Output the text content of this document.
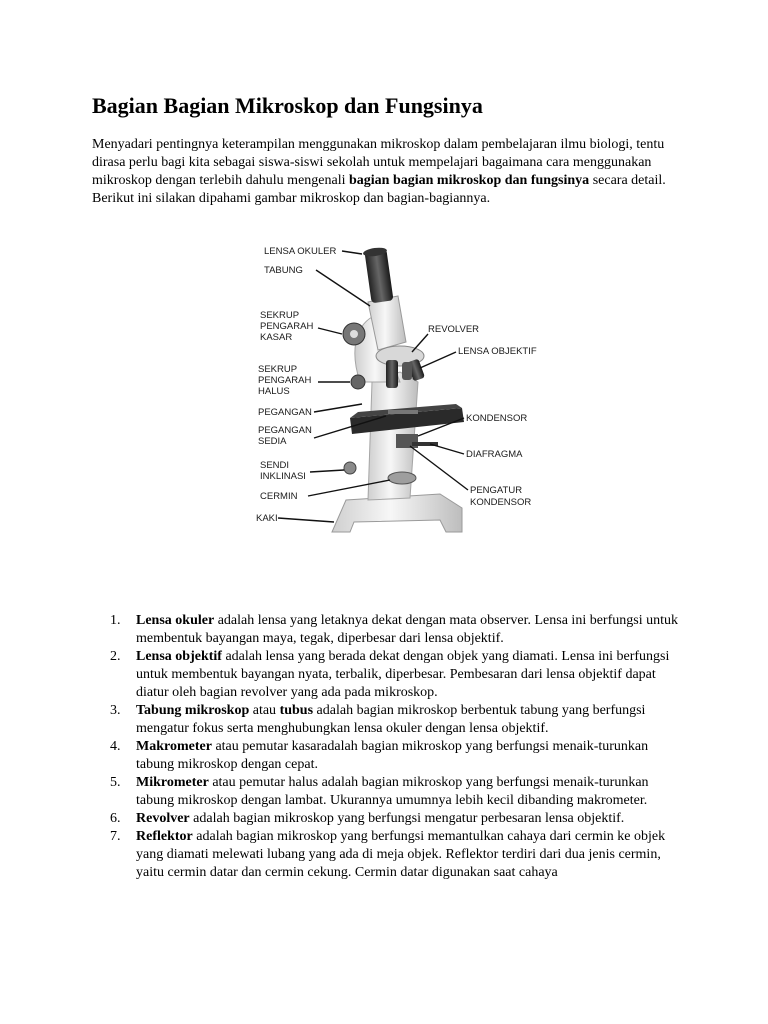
Bagian Bagian Mikroskop dan Fungsinya

Menyadari pentingnya keterampilan menggunakan mikroskop dalam pembelajaran ilmu biologi, tentu dirasa perlu bagi kita sebagai siswa-siswi sekolah untuk mempelajari bagaimana cara menggunakan mikroskop dengan terlebih dahulu mengenali bagian bagian mikroskop dan fungsinya secara detail. Berikut ini silakan dipahami gambar mikroskop dan bagian-bagiannya.

LENSA OKULER
TABUNG
SEKRUP
PENGARAH
KASAR
SEKRUP
PENGARAH
HALUS
PEGANGAN
PEGANGAN
SEDIA
SENDI
INKLINASI
CERMIN
KAKI
REVOLVER
LENSA OBJEKTIF
KONDENSOR
DIAFRAGMA
PENGATUR
KONDENSOR
1. Lensa okuler adalah lensa yang letaknya dekat dengan mata observer. Lensa ini berfungsi untuk membentuk bayangan maya, tegak, diperbesar dari lensa objektif.
2. Lensa objektif adalah lensa yang berada dekat dengan objek yang diamati. Lensa ini berfungsi untuk membentuk bayangan nyata, terbalik, diperbesar. Pembesaran dari lensa objektif dapat diatur oleh bagian revolver yang ada pada mikroskop.
3. Tabung mikroskop atau tubus adalah bagian mikroskop berbentuk tabung yang berfungsi mengatur fokus serta menghubungkan lensa okuler dengan lensa objektif.
4. Makrometer atau pemutar kasaradalah bagian mikroskop yang berfungsi menaik-turunkan tabung mikroskop dengan cepat.
5. Mikrometer atau pemutar halus adalah bagian mikroskop yang berfungsi menaik-turunkan tabung mikroskop dengan lambat. Ukurannya umumnya lebih kecil dibanding makrometer.
6. Revolver adalah bagian mikroskop yang berfungsi mengatur perbesaran lensa objektif.
7. Reflektor adalah bagian mikroskop yang berfungsi memantulkan cahaya dari cermin ke objek yang diamati melewati lubang yang ada di meja objek. Reflektor terdiri dari dua jenis cermin, yaitu cermin datar dan cermin cekung. Cermin datar digunakan saat cahaya
